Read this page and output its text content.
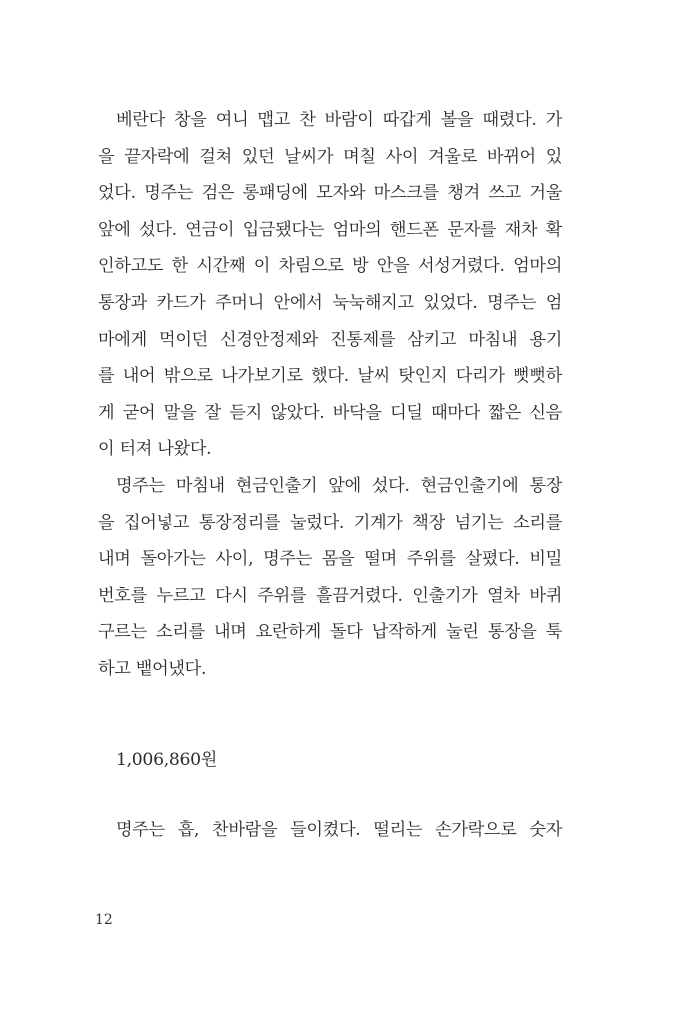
베란다 창을 여니 맵고 찬 바람이 따갑게 볼을 때렸다. 가
을 끝자락에 걸쳐 있던 날씨가 며칠 사이 겨울로 바뀌어 있
었다. 명주는 검은 롱패딩에 모자와 마스크를 챙겨 쓰고 거울
앞에 섰다. 연금이 입금됐다는 엄마의 핸드폰 문자를 재차 확
인하고도 한 시간째 이 차림으로 방 안을 서성거렸다. 엄마의
통장과 카드가 주머니 안에서 눅눅해지고 있었다. 명주는 엄
마에게 먹이던 신경안정제와 진통제를 삼키고 마침내 용기
를 내어 밖으로 나가보기로 했다. 날씨 탓인지 다리가 뻣뻣하
게 굳어 말을 잘 듣지 않았다. 바닥을 디딜 때마다 짧은 신음
이 터져 나왔다.
명주는 마침내 현금인출기 앞에 섰다. 현금인출기에 통장
을 집어넣고 통장정리를 눌렀다. 기계가 책장 넘기는 소리를
내며 돌아가는 사이, 명주는 몸을 떨며 주위를 살폈다. 비밀
번호를 누르고 다시 주위를 흘끔거렸다. 인출기가 열차 바퀴
구르는 소리를 내며 요란하게 돌다 납작하게 눌린 통장을 툭
하고 뱉어냈다.
1,006,860원
명주는 흡, 찬바람을 들이켰다. 떨리는 손가락으로 숫자
12
